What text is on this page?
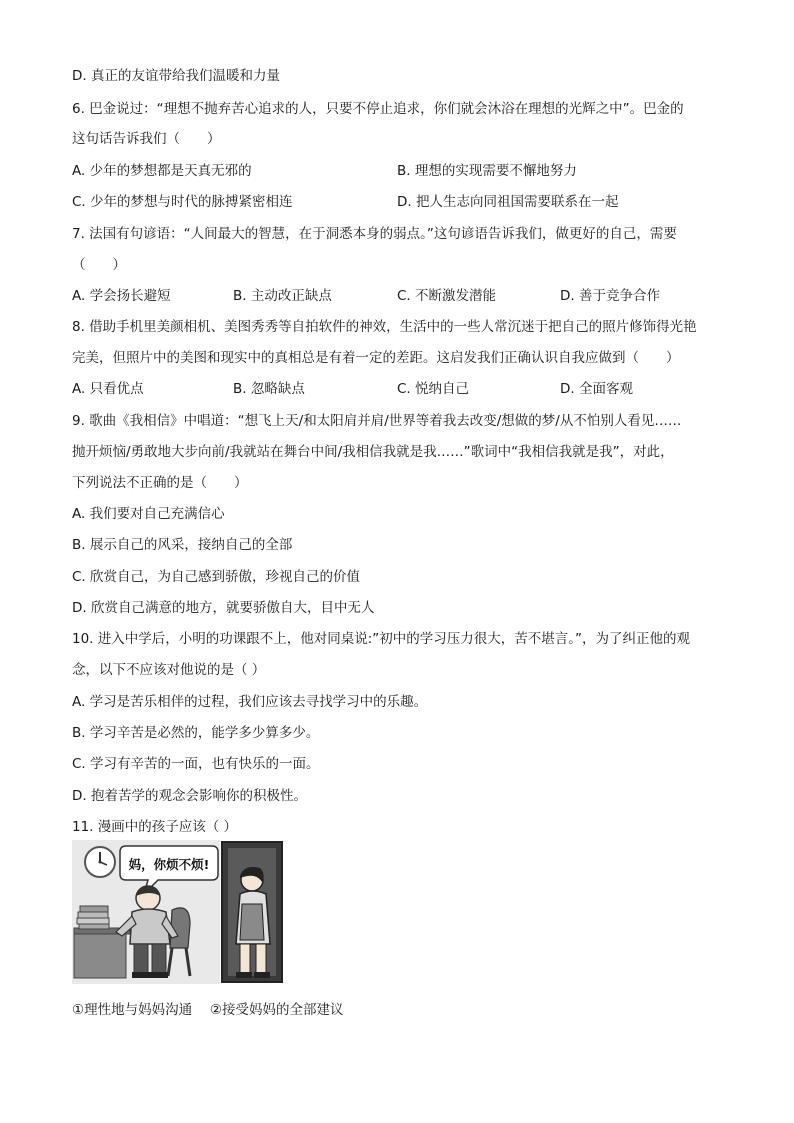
D. 真正的友谊带给我们温暖和力量
6. 巴金说过：“理想不抛弃苦心追求的人，只要不停止追求，你们就会沐浴在理想的光辉之中”。巴金的
这句话告诉我们（　　）
A. 少年的梦想都是天真无邪的	B. 理想的实现需要不懈地努力
C. 少年的梦想与时代的脉搏紧密相连	D. 把人生志向同祖国需要联系在一起
7. 法国有句谚语：“人间最大的智慧，在于洞悉本身的弱点。”这句谚语告诉我们，做更好的自己，需要
（　　）
A. 学会扬长避短	B. 主动改正缺点	C. 不断激发潜能	D. 善于竞争合作
8. 借助手机里美颜相机、美图秀秀等自拍软件的神效，生活中的一些人常沉迷于把自己的照片修饰得光艳
完美，但照片中的美图和现实中的真相总是有着一定的差距。这启发我们正确认识自我应做到（　　）
A. 只看优点	B. 忽略缺点	C. 悦纳自己	D. 全面客观
9. 歌曲《我相信》中唱道：“想飞上天/和太阳肩并肩/世界等着我去改变/想做的梦/从不怕别人看见……
抛开烦恼/勇敢地大步向前/我就站在舞台中间/我相信我就是我……”歌词中“我相信我就是我”，对此，
下列说法不正确的是（　　）
A. 我们要对自己充满信心
B. 展示自己的风采，接纳自己的全部
C. 欣赏自己，为自己感到骄傲，珍视自己的价值
D. 欣赏自己满意的地方，就要骄傲自大，目中无人
10. 进入中学后，小明的功课跟不上，他对同桌说:”初中的学习压力很大，苦不堪言。”，为了纠正他的观
念，以下不应该对他说的是（ ）
A. 学习是苦乐相伴的过程，我们应该去寻找学习中的乐趣。
B. 学习辛苦是必然的，能学多少算多少。
C. 学习有辛苦的一面，也有快乐的一面。
D. 抱着苦学的观念会影响你的积极性。
11. 漫画中的孩子应该（ ）
妈，你烦不烦!
①理性地与妈妈沟通　 ②接受妈妈的全部建议
